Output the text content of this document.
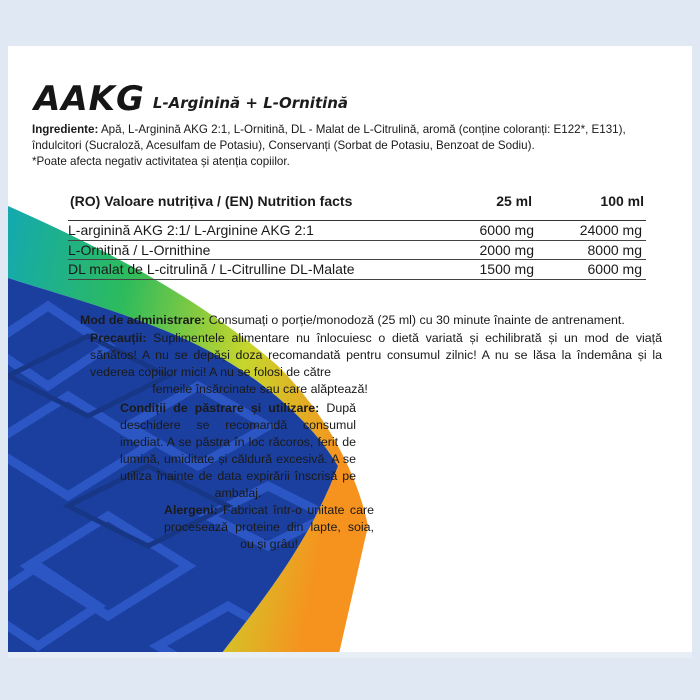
AAKG L-Arginină + L-Ornitină
Ingrediente: Apă, L-Arginină AKG 2:1, L-Ornitină, DL - Malat de L-Citrulină, aromă (conține coloranți: E122*, E131), îndulcitori (Sucraloză, Acesulfam de Potasiu), Conservanți (Sorbat de Potasiu, Benzoat de Sodiu).
*Poate afecta negativ activitatea și atenția copiilor.
(RO) Valoare nutrițiva / (EN) Nutrition facts	25 ml	100 ml
L-arginină AKG 2:1/ L-Arginine AKG 2:1	6000 mg	24000 mg
L-Ornitină / L-Ornithine	2000 mg	8000 mg
DL malat de L-citrulină / L-Citrulline DL-Malate	1500 mg	6000 mg
Mod de administrare: Consumați o porție/monodoză (25 ml) cu 30 minute înainte de antrenament.
Precauții: Suplimentele alimentare nu înlocuiesc o dietă variată și echilibrată și un mod de viață sănătos! A nu se depăși doza recomandată pentru consumul zilnic! A nu se lăsa la îndemâna și la vederea copiilor mici! A nu se folosi de către
femeile însărcinate sau care alăptează!
Condiții de păstrare și utilizare: După deschidere se recomandă consumul imediat. A se păstra în loc răcoros, ferit de lumină, umiditate și căldură excesivă. A se utiliza înainte de data expirării înscrisă pe ambalaj.
Alergeni: Fabricat într-o unitate care procesează proteine din lapte, soia, ou și grâu!
